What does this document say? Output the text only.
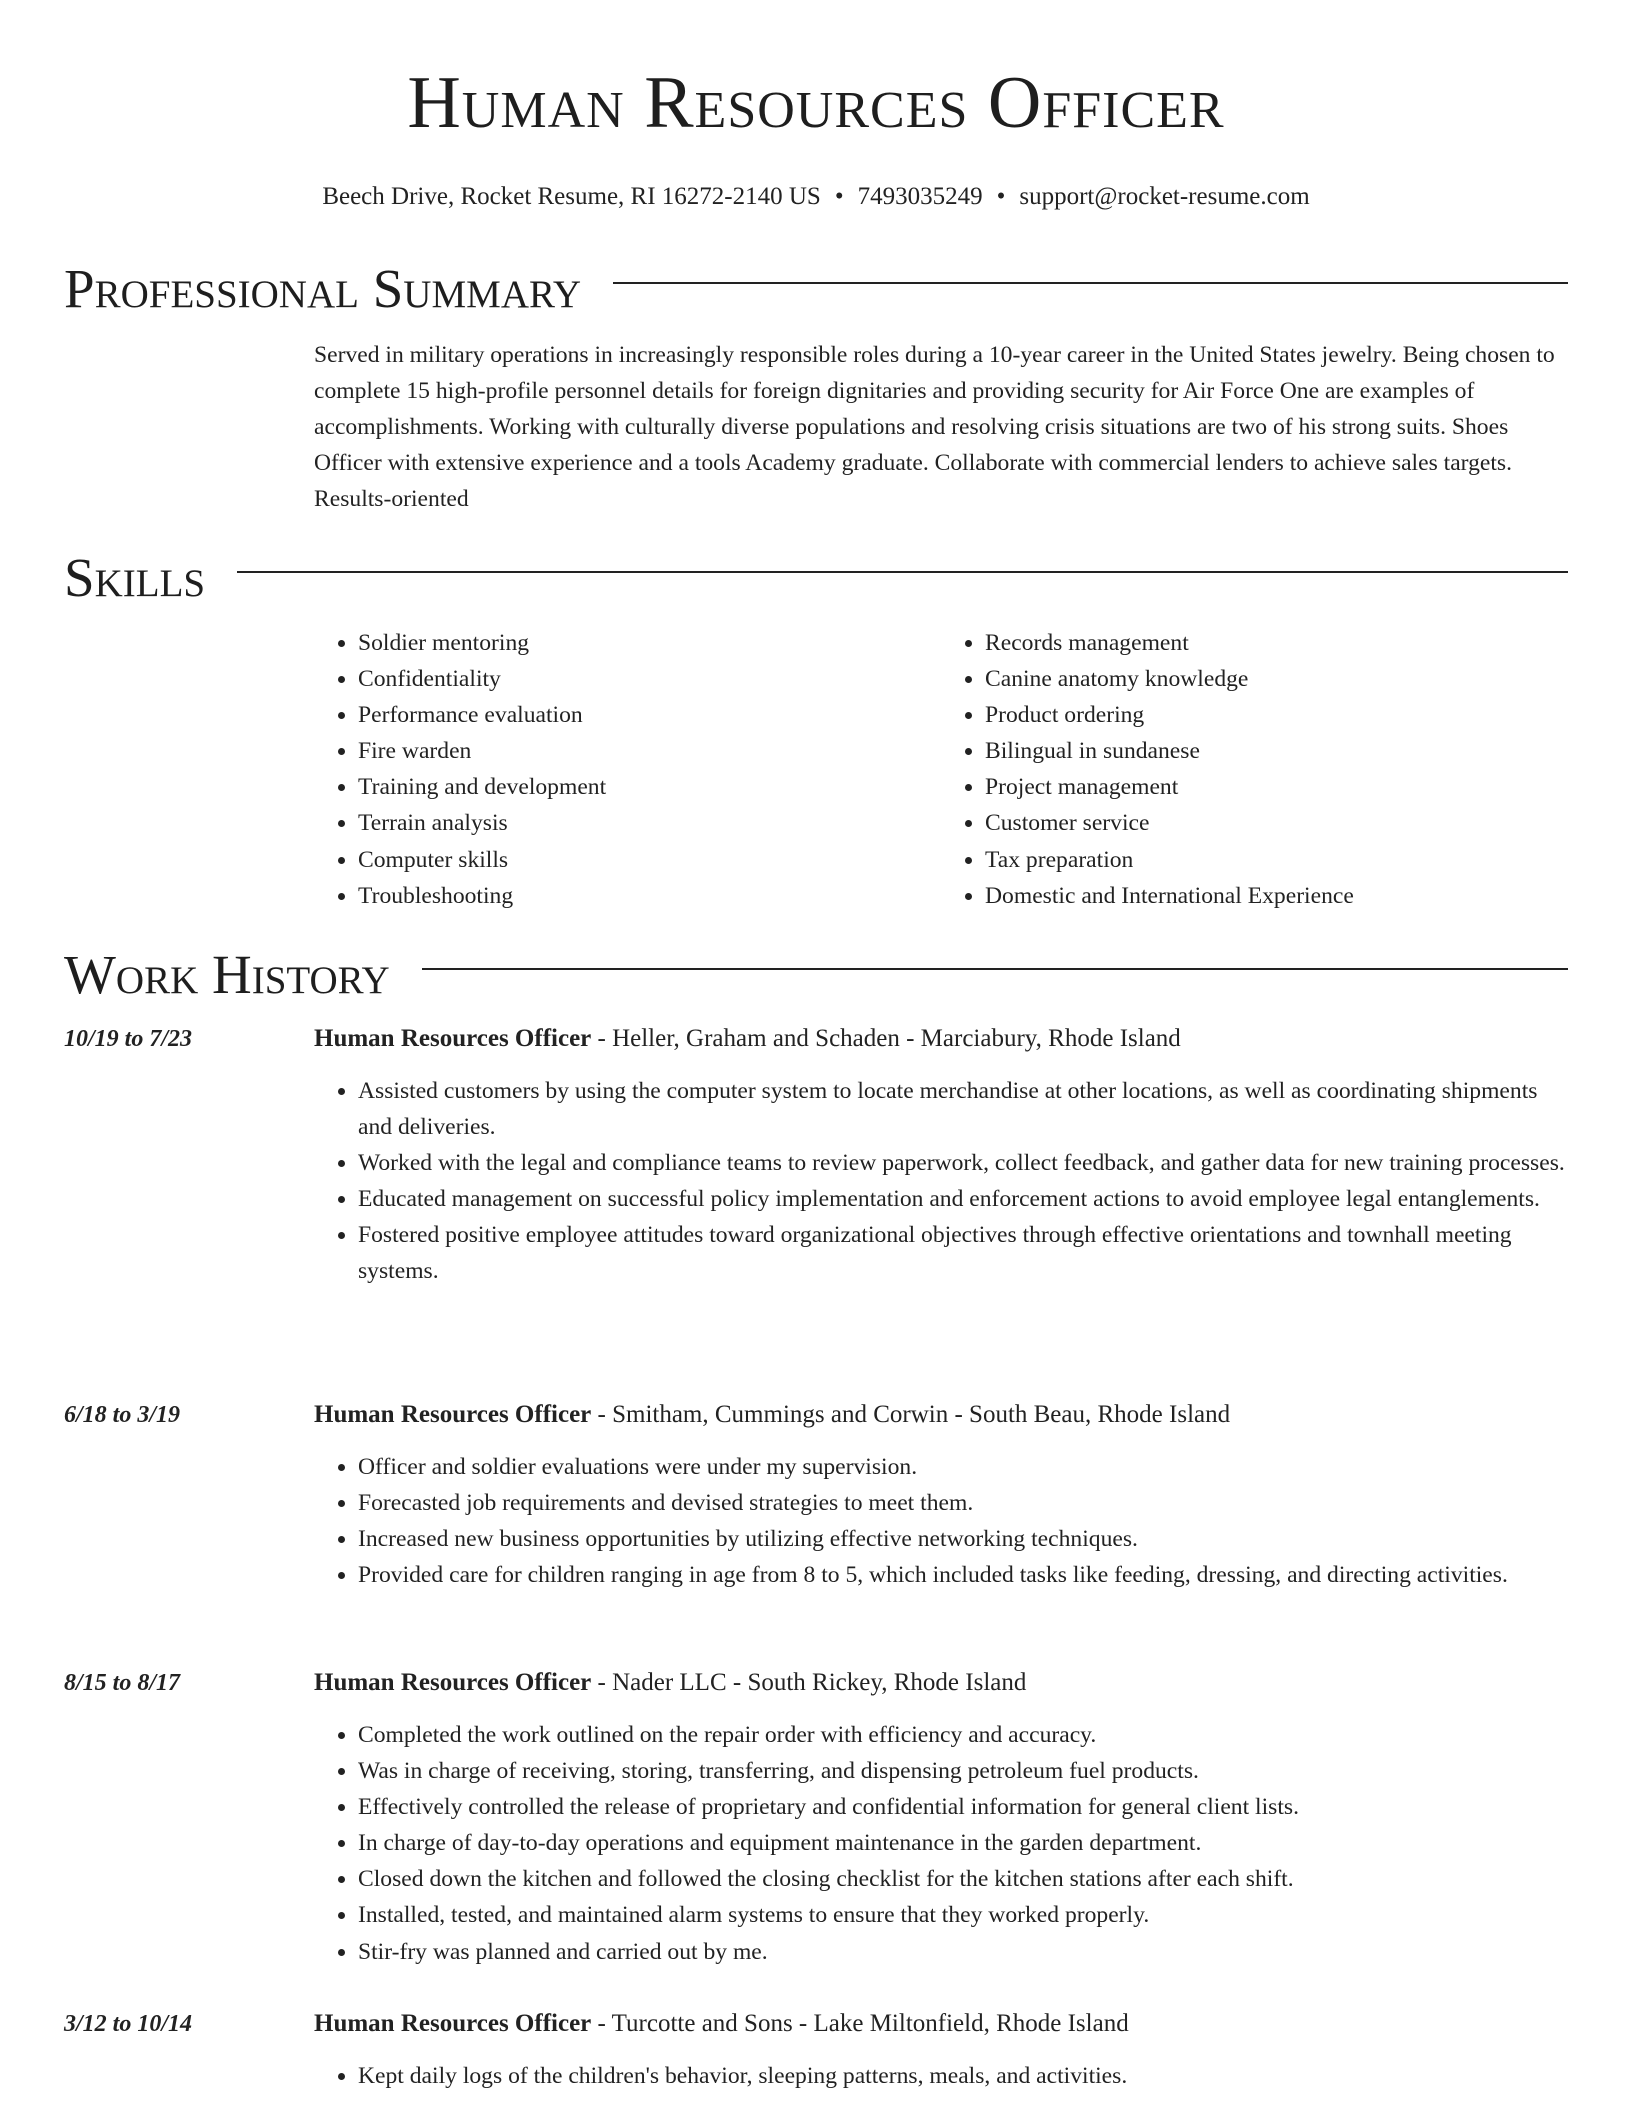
Human Resources Officer
Beech Drive, Rocket Resume, RI 16272-2140 US • 7493035249 • support@rocket-resume.com
Professional Summary

Served in military operations in increasingly responsible roles during a 10-year career in the United States jewelry. Being chosen to complete 15 high-profile personnel details for foreign dignitaries and providing security for Air Force One are examples of accomplishments. Working with culturally diverse populations and resolving crisis situations are two of his strong suits. Shoes Officer with extensive experience and a tools Academy graduate. Collaborate with commercial lenders to achieve sales targets. Results-oriented

Skills
• Soldier mentoring
• Confidentiality
• Performance evaluation
• Fire warden
• Training and development
• Terrain analysis
• Computer skills
• Troubleshooting
• Records management
• Canine anatomy knowledge
• Product ordering
• Bilingual in sundanese
• Project management
• Customer service
• Tax preparation
• Domestic and International Experience
Work History
10/19 to 7/23	Human Resources Officer - Heller, Graham and Schaden - Marciabury, Rhode Island
• Assisted customers by using the computer system to locate merchandise at other locations, as well as coordinating shipments and deliveries.
• Worked with the legal and compliance teams to review paperwork, collect feedback, and gather data for new training processes.
• Educated management on successful policy implementation and enforcement actions to avoid employee legal entanglements.
• Fostered positive employee attitudes toward organizational objectives through effective orientations and townhall meeting systems.
6/18 to 3/19	Human Resources Officer - Smitham, Cummings and Corwin - South Beau, Rhode Island
• Officer and soldier evaluations were under my supervision.
• Forecasted job requirements and devised strategies to meet them.
• Increased new business opportunities by utilizing effective networking techniques.
• Provided care for children ranging in age from 8 to 5, which included tasks like feeding, dressing, and directing activities.
8/15 to 8/17	Human Resources Officer - Nader LLC - South Rickey, Rhode Island
• Completed the work outlined on the repair order with efficiency and accuracy.
• Was in charge of receiving, storing, transferring, and dispensing petroleum fuel products.
• Effectively controlled the release of proprietary and confidential information for general client lists.
• In charge of day-to-day operations and equipment maintenance in the garden department.
• Closed down the kitchen and followed the closing checklist for the kitchen stations after each shift.
• Installed, tested, and maintained alarm systems to ensure that they worked properly.
• Stir-fry was planned and carried out by me.
3/12 to 10/14	Human Resources Officer - Turcotte and Sons - Lake Miltonfield, Rhode Island
• Kept daily logs of the children's behavior, sleeping patterns, meals, and activities.
